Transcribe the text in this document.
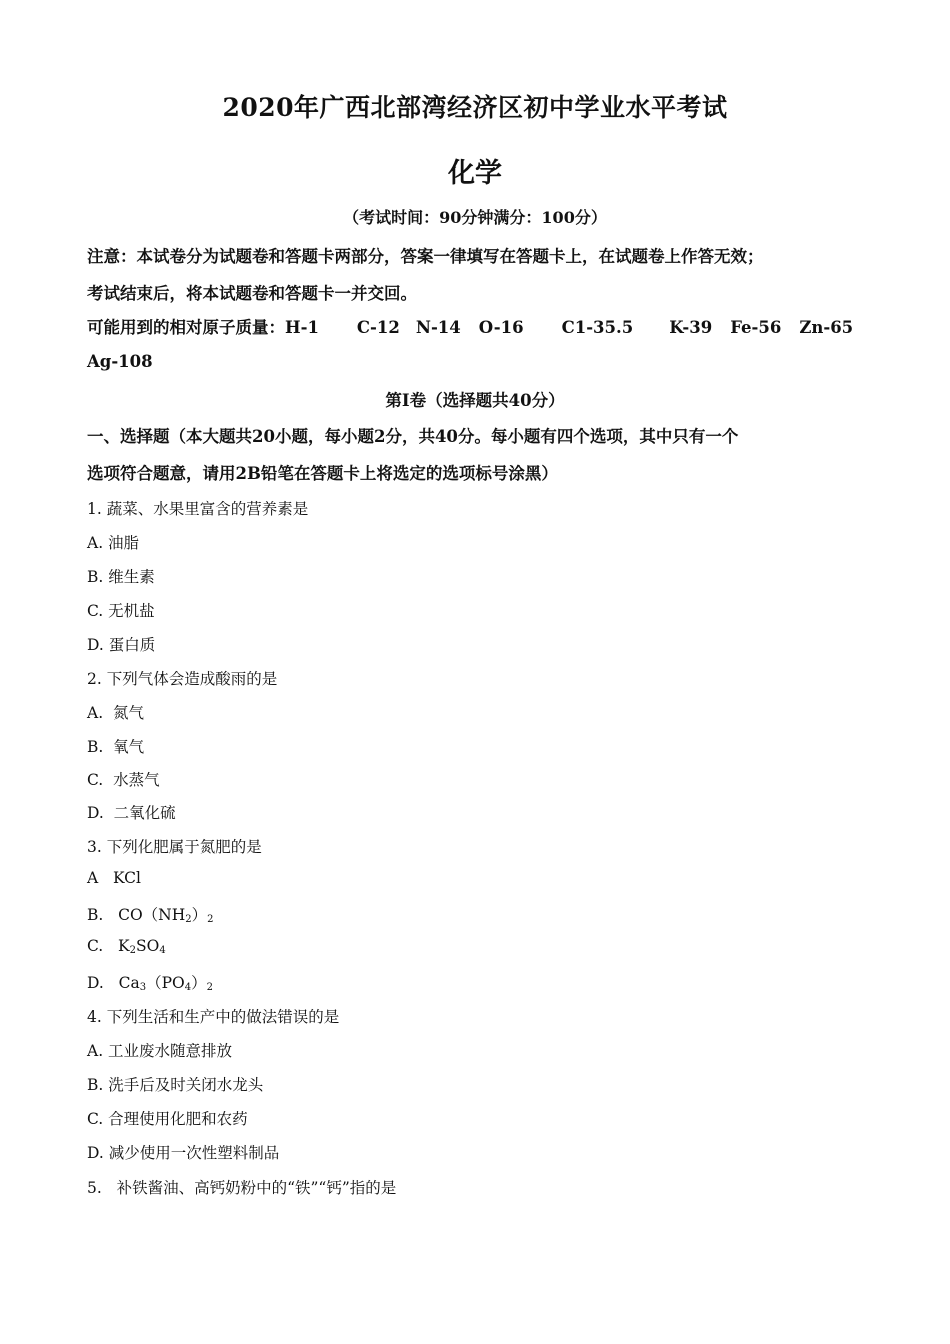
2020年广西北部湾经济区初中学业水平考试
化学
（考试时间：90分钟满分：100分）
注意：本试卷分为试题卷和答题卡两部分，答案一律填写在答题卡上，在试题卷上作答无效；
考试结束后，将本试题卷和答题卡一并交回。
可能用到的相对原子质量：H-1 C-12 N-14 O-16 C1-35.5 K-39 Fe-56 Zn-65
Ag-108
第I卷（选择题共40分）
一、选择题（本大题共20小题，每小题2分，共40分。每小题有四个选项，其中只有一个
选项符合题意，请用2B铅笔在答题卡上将选定的选项标号涂黑）
1. 蔬菜、水果里富含的营养素是
A. 油脂
B. 维生素
C. 无机盐
D. 蛋白质
2. 下列气体会造成酸雨的是
A.  氮气
B.  氧气
C.  水蒸气
D.  二氧化硫
3. 下列化肥属于氮肥的是
A   KCl
B.   $CO(NH_2)_2$
C.   $K_2SO_4$
D.   $Ca_3(PO_4)_2$
4. 下列生活和生产中的做法错误的是
A. 工业废水随意排放
B. 洗手后及时关闭水龙头
C. 合理使用化肥和农药
D. 减少使用一次性塑料制品
5.   补铁酱油、高钙奶粉中的“铁”“钙”指的是
